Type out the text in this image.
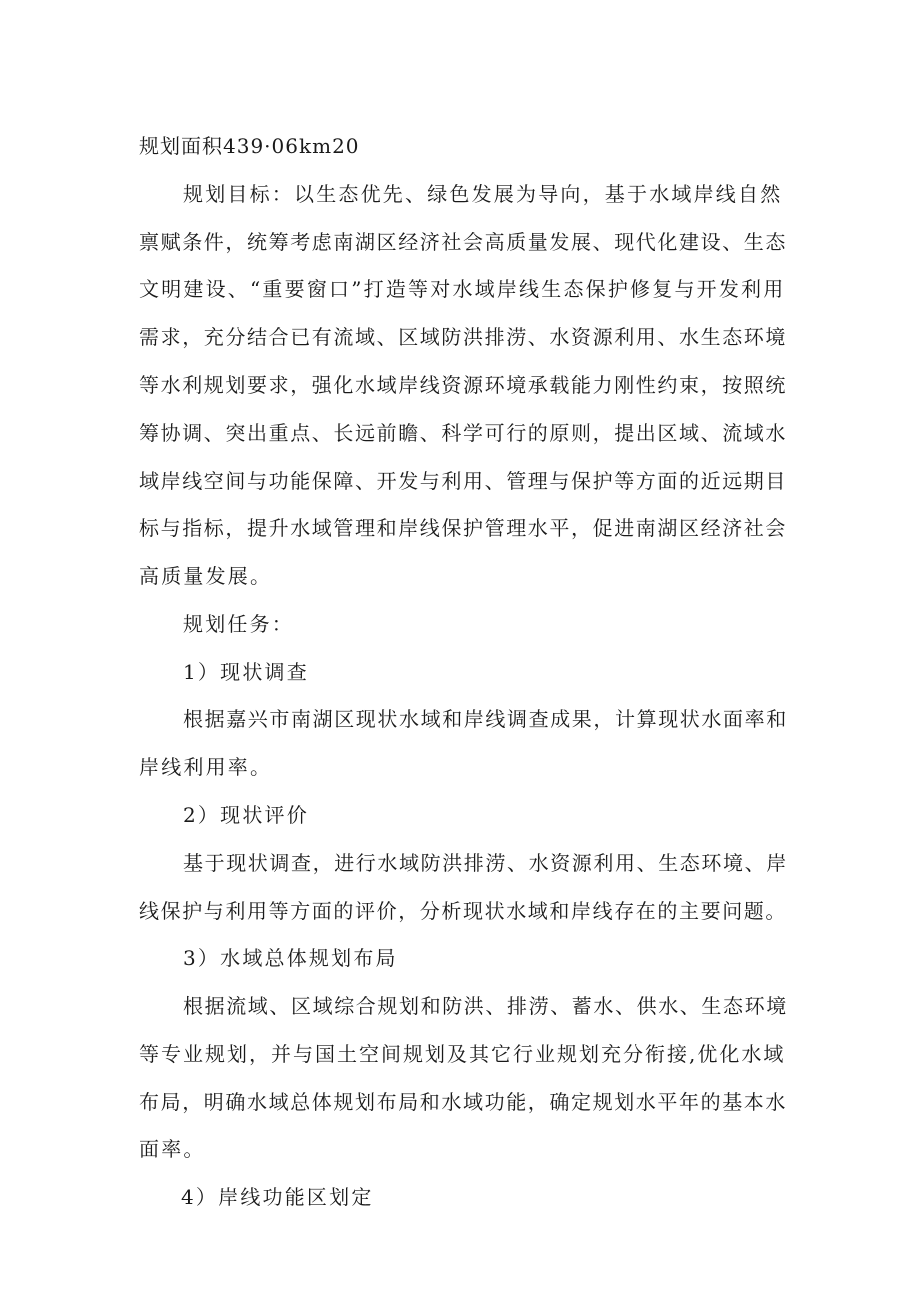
规划面积439·06km20
规划目标：以生态优先、绿色发展为导向，基于水域岸线自然
禀赋条件，统筹考虑南湖区经济社会高质量发展、现代化建设、生态
文明建设、“重要窗口”打造等对水域岸线生态保护修复与开发利用
需求，充分结合已有流域、区域防洪排涝、水资源利用、水生态环境
等水利规划要求，强化水域岸线资源环境承载能力刚性约束，按照统
筹协调、突出重点、长远前瞻、科学可行的原则，提出区域、流域水
域岸线空间与功能保障、开发与利用、管理与保护等方面的近远期目
标与指标，提升水域管理和岸线保护管理水平，促进南湖区经济社会
高质量发展。
规划任务：
1）现状调查
根据嘉兴市南湖区现状水域和岸线调查成果，计算现状水面率和
岸线利用率。
2）现状评价
基于现状调查，进行水域防洪排涝、水资源利用、生态环境、岸
线保护与利用等方面的评价，分析现状水域和岸线存在的主要问题。
3）水域总体规划布局
根据流域、区域综合规划和防洪、排涝、蓄水、供水、生态环境
等专业规划，并与国土空间规划及其它行业规划充分衔接,优化水域
布局，明确水域总体规划布局和水域功能，确定规划水平年的基本水
面率。
4）岸线功能区划定
